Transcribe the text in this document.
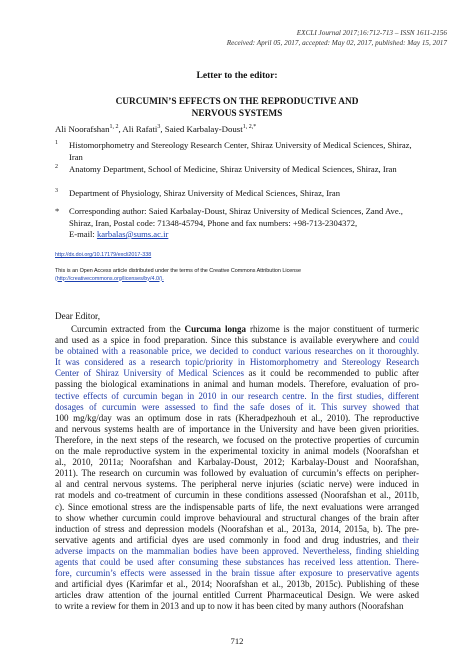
EXCLI Journal 2017;16:712-713 – ISSN 1611-2156
Received: April 05, 2017, accepted: May 02, 2017, published: May 15, 2017
Letter to the editor:
CURCUMIN’S EFFECTS ON THE REPRODUCTIVE AND
NERVOUS SYSTEMS
Ali Noorafshan$^{1, 2}$, Ali Rafati$^3$, Saied Karbalay-Doust$^{1, 2,*}$
1 Histomorphometry and Stereology Research Center, Shiraz University of Medical Sciences, Shiraz, Iran
2 Anatomy Department, School of Medicine, Shiraz University of Medical Sciences, Shiraz, Iran
3 Department of Physiology, Shiraz University of Medical Sciences, Shiraz, Iran
* Corresponding author: Saied Karbalay-Doust, Shiraz University of Medical Sciences, Zand Ave., Shiraz, Iran, Postal code: 71348-45794, Phone and fax numbers: +98-713-2304372,
E-mail: karbalas@sums.ac.ir
http://dx.doi.org/10.17179/excli2017-338
This is an Open Access article distributed under the terms of the Creative Commons Attribution License
(http://creativecommons.org/licenses/by/4.0/).
Dear Editor,
Curcumin extracted from the Curcuma longa rhizome is the major constituent of turmeric
and used as a spice in food preparation. Since this substance is available everywhere and could
be obtained with a reasonable price, we decided to conduct various researches on it thoroughly.
It was considered as a research topic/priority in Histomorphometry and Stereology Research
Center of Shiraz University of Medical Sciences as it could be recommended to public after
passing the biological examinations in animal and human models. Therefore, evaluation of pro-
tective effects of curcumin began in 2010 in our research centre. In the first studies, different
dosages of curcumin were assessed to find the safe doses of it. This survey showed that
100 mg/kg/day was an optimum dose in rats (Kheradpezhouh et al., 2010). The reproductive
and nervous systems health are of importance in the University and have been given priorities.
Therefore, in the next steps of the research, we focused on the protective properties of curcumin
on the male reproductive system in the experimental toxicity in animal models (Noorafshan et
al., 2010, 2011a; Noorafshan and Karbalay-Doust, 2012; Karbalay-Doust and Noorafshan,
2011). The research on curcumin was followed by evaluation of curcumin’s effects on peripher-
al and central nervous systems. The peripheral nerve injuries (sciatic nerve) were induced in
rat models and co-treatment of curcumin in these conditions assessed (Noorafshan et al., 2011b,
c). Since emotional stress are the indispensable parts of life, the next evaluations were arranged
to show whether curcumin could improve behavioural and structural changes of the brain after
induction of stress and depression models (Noorafshan et al., 2013a, 2014, 2015a, b). The pre-
servative agents and artificial dyes are used commonly in food and drug industries, and their
adverse impacts on the mammalian bodies have been approved. Nevertheless, finding shielding
agents that could be used after consuming these substances has received less attention. There-
fore, curcumin’s effects were assessed in the brain tissue after exposure to preservative agents
and artificial dyes (Karimfar et al., 2014; Noorafshan et al., 2013b, 2015c). Publishing of these
articles draw attention of the journal entitled Current Pharmaceutical Design. We were asked
to write a review for them in 2013 and up to now it has been cited by many authors (Noorafshan
712
